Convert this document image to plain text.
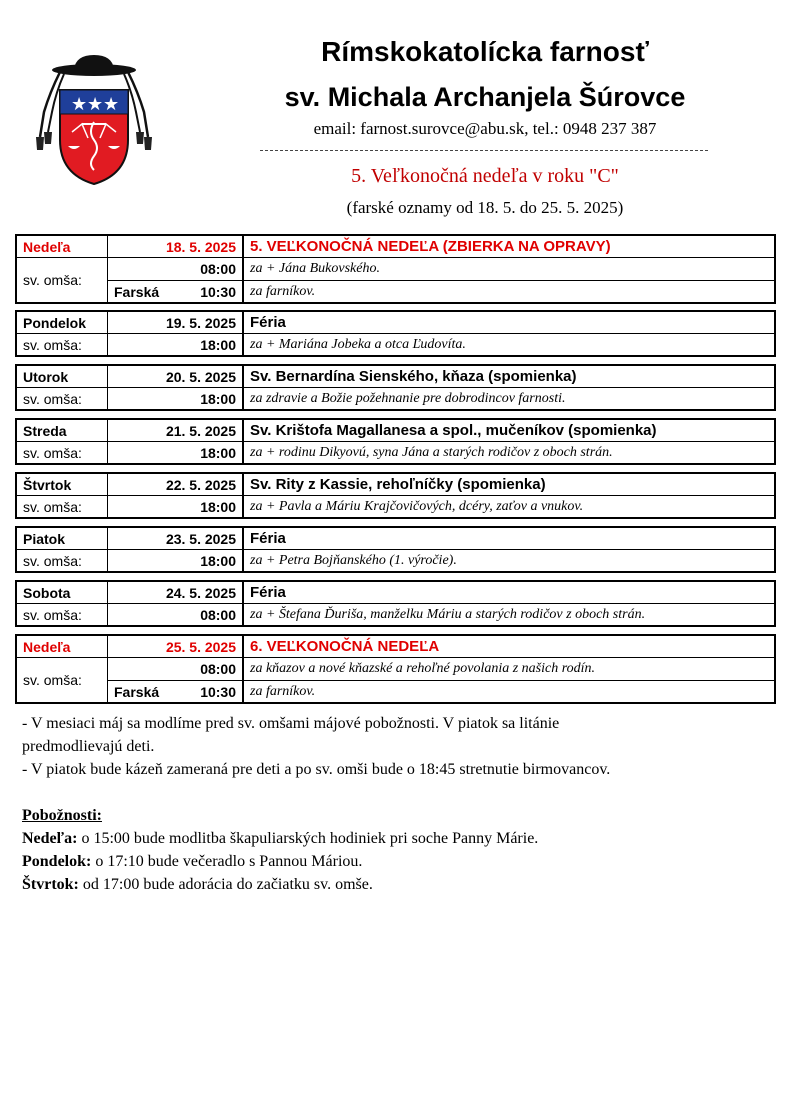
★ ★ ★
Rímskokatolícka farnosť
sv. Michala Archanjela Šúrovce
email: farnost.surovce@abu.sk, tel.: 0948 237 387
5. Veľkonočná nedeľa v roku "C"
(farské oznamy od 18. 5. do 25. 5. 2025)
Nedeľa	18. 5. 2025 5. VEĽKONOČNÁ NEDEĽA (ZBIERKA NA OPRAVY)
sv. omša:
08:00	za + Jána Bukovského.
Farská	10:30	za farníkov.
Pondelok	19. 5. 2025 Féria
sv. omša:	18:00	za + Mariána Jobeka a otca Ľudovíta.
Utorok	20. 5. 2025 Sv. Bernardína Sienského, kňaza (spomienka)
sv. omša:	18:00	za zdravie a Božie požehnanie pre dobrodincov farnosti.
Streda	21. 5. 2025 Sv. Krištofa Magallanesa a spol., mučeníkov (spomienka)
sv. omša:	18:00	za + rodinu Dikyovú, syna Jána a starých rodičov z oboch strán.
Štvrtok	22. 5. 2025 Sv. Rity z Kassie, rehoľníčky (spomienka)
sv. omša:	18:00	za + Pavla a Máriu Krajčovičových, dcéry, zaťov a vnukov.
Piatok	23. 5. 2025 Féria
sv. omša:	18:00	za + Petra Bojňanského (1. výročie).
Sobota	24. 5. 2025 Féria
sv. omša:	08:00	za + Štefana Ďuriša, manželku Máriu a starých rodičov z oboch strán.
Nedeľa	25. 5. 2025 6. VEĽKONOČNÁ NEDEĽA
sv. omša:
08:00	za kňazov a nové kňazské a rehoľné povolania z našich rodín.
Farská	10:30	za farníkov.

- V mesiaci máj sa modlíme pred sv. omšami májové pobožnosti. V piatok sa litánie

predmodlievajú deti.

- V piatok bude kázeň zameraná pre deti a po sv. omši bude o 18:45 stretnutie birmovancov.

Pobožnosti:

Nedeľa: o 15:00 bude modlitba škapuliarských hodiniek pri soche Panny Márie.

Pondelok: o 17:10 bude večeradlo s Pannou Máriou.

Štvrtok: od 17:00 bude adorácia do začiatku sv. omše.
